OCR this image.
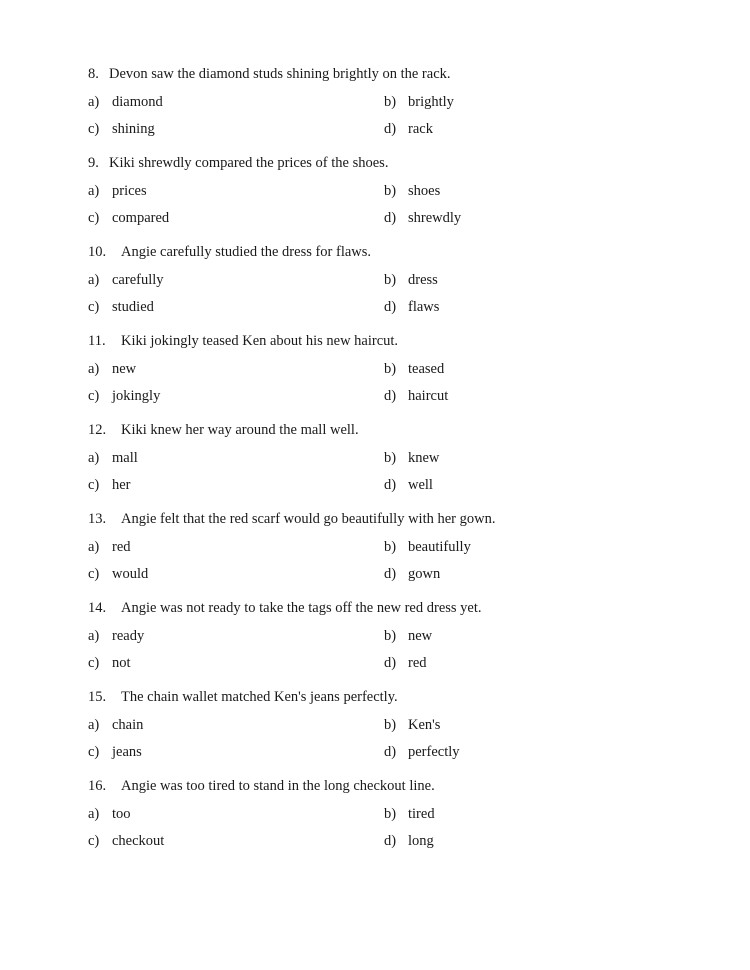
8. Devon saw the diamond studs shining brightly on the rack.
a) diamond	b) brightly
c) shining	d) rack
9. Kiki shrewdly compared the prices of the shoes.
a) prices	b) shoes
c) compared	d) shrewdly
10. Angie carefully studied the dress for flaws.
a) carefully	b) dress
c) studied	d) flaws
11. Kiki jokingly teased Ken about his new haircut.
a) new	b) teased
c) jokingly	d) haircut
12. Kiki knew her way around the mall well.
a) mall	b) knew
c) her	d) well
13. Angie felt that the red scarf would go beautifully with her gown.
a) red	b) beautifully
c) would	d) gown
14. Angie was not ready to take the tags off the new red dress yet.
a) ready	b) new
c) not	d) red
15. The chain wallet matched Ken's jeans perfectly.
a) chain	b) Ken's
c) jeans	d) perfectly
16. Angie was too tired to stand in the long checkout line.
a) too	b) tired
c) checkout	d) long
